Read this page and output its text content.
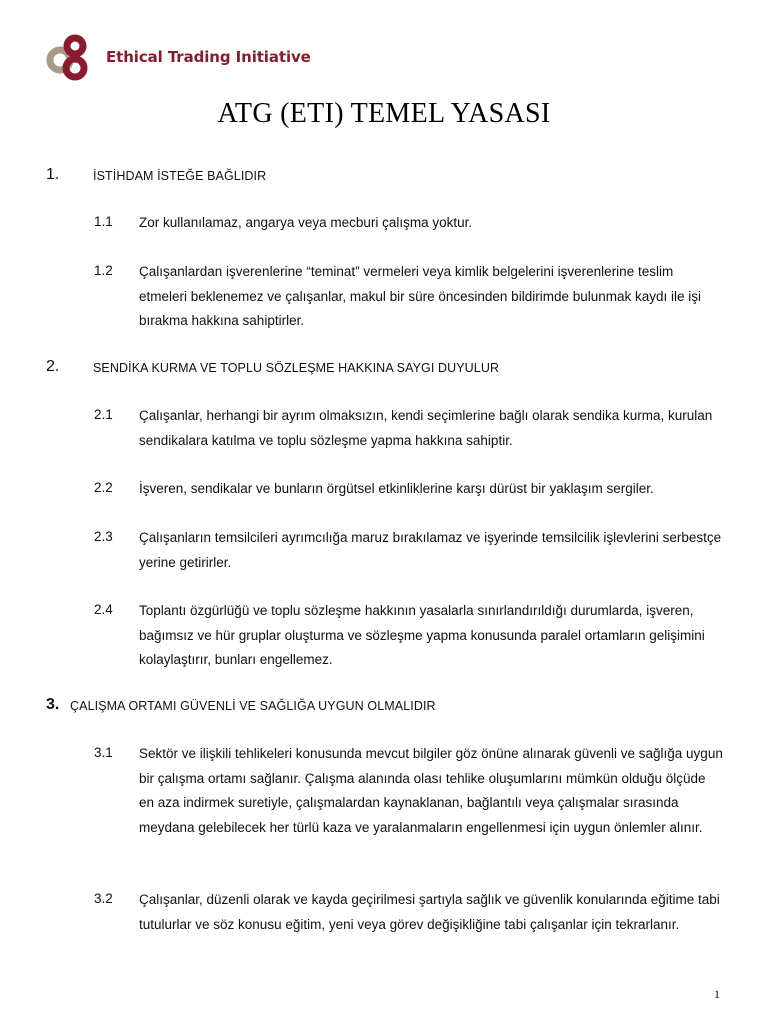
Ethical Trading Initiative
ATG (ETI) TEMEL YASASI
1.	İSTİHDAM İSTEĞE BAĞLIDIR
1.1 Zor kullanılamaz, angarya veya mecburi çalışma yoktur.
1.2 Çalışanlardan işverenlerine “teminat” vermeleri veya kimlik belgelerini işverenlerine teslim etmeleri beklenemez ve çalışanlar, makul bir süre öncesinden bildirimde bulunmak kaydı ile işi bırakma hakkına sahiptirler.
2.	SENDİKA KURMA VE TOPLU SÖZLEŞME HAKKINA SAYGI DUYULUR
2.1 Çalışanlar, herhangi bir ayrım olmaksızın, kendi seçimlerine bağlı olarak sendika kurma, kurulan sendikalara katılma ve toplu sözleşme yapma hakkına sahiptir.
2.2 İşveren, sendikalar ve bunların örgütsel etkinliklerine karşı dürüst bir yaklaşım sergiler.
2.3 Çalışanların temsilcileri ayrımcılığa maruz bırakılamaz ve işyerinde temsilcilik işlevlerini serbestçe yerine getirirler.
2.4 Toplantı özgürlüğü ve toplu sözleşme hakkının yasalarla sınırlandırıldığı durumlarda, işveren, bağımsız ve hür gruplar oluşturma ve sözleşme yapma konusunda paralel ortamların gelişimini kolaylaştırır, bunları engellemez.
3. ÇALIŞMA ORTAMI GÜVENLİ VE SAĞLIĞA UYGUN OLMALIDIR
3.1 Sektör ve ilişkili tehlikeleri konusunda mevcut bilgiler göz önüne alınarak güvenli ve sağlığa uygun bir çalışma ortamı sağlanır. Çalışma alanında olası tehlike oluşumlarını mümkün olduğu ölçüde en aza indirmek suretiyle, çalışmalardan kaynaklanan, bağlantılı veya çalışmalar sırasında meydana gelebilecek her türlü kaza ve yaralanmaların engellenmesi için uygun önlemler alınır.
3.2 Çalışanlar, düzenli olarak ve kayda geçirilmesi şartıyla sağlık ve güvenlik konularında eğitime tabi tutulurlar ve söz konusu eğitim, yeni veya görev değişikliğine tabi çalışanlar için tekrarlanır.
1
